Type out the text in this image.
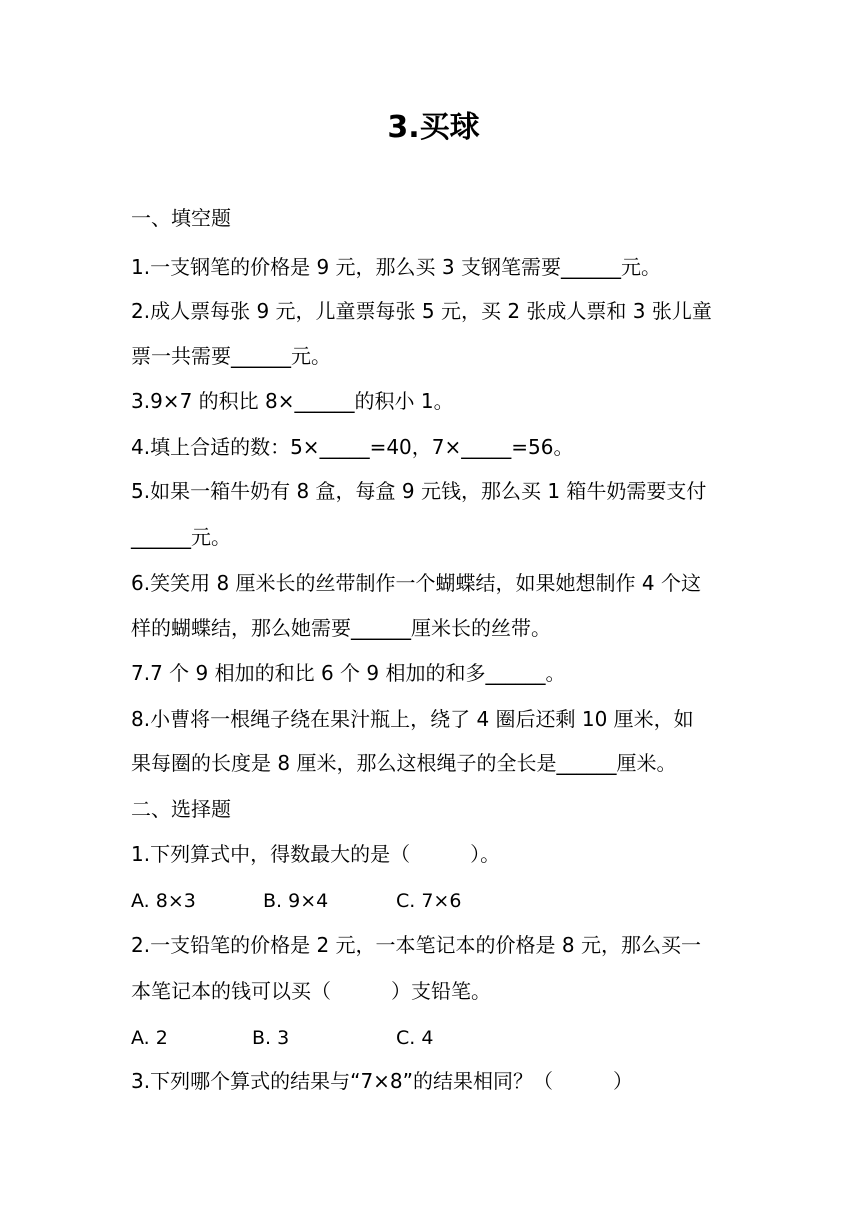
3.买球
一、填空题
1.一支钢笔的价格是 9 元，那么买 3 支钢笔需要______元。
2.成人票每张 9 元，儿童票每张 5 元，买 2 张成人票和 3 张儿童
票一共需要______元。
3.9×7 的积比 8×______的积小 1。
4.填上合适的数：5×_____=40，7×_____=56。
5.如果一箱牛奶有 8 盒，每盒 9 元钱，那么买 1 箱牛奶需要支付
______元。
6.笑笑用 8 厘米长的丝带制作一个蝴蝶结，如果她想制作 4 个这
样的蝴蝶结，那么她需要______厘米长的丝带。
7.7 个 9 相加的和比 6 个 9 相加的和多______。
8.小曹将一根绳子绕在果汁瓶上，绕了 4 圈后还剩 10 厘米，如
果每圈的长度是 8 厘米，那么这根绳子的全长是______厘米。
二、选择题
1.下列算式中，得数最大的是（　　　）。
A. 8×3	B. 9×4	C. 7×6
2.一支铅笔的价格是 2 元，一本笔记本的价格是 8 元，那么买一
本笔记本的钱可以买（　　　）支铅笔。
A. 2	B. 3	C. 4
3.下列哪个算式的结果与“7×8”的结果相同？（　　　）
